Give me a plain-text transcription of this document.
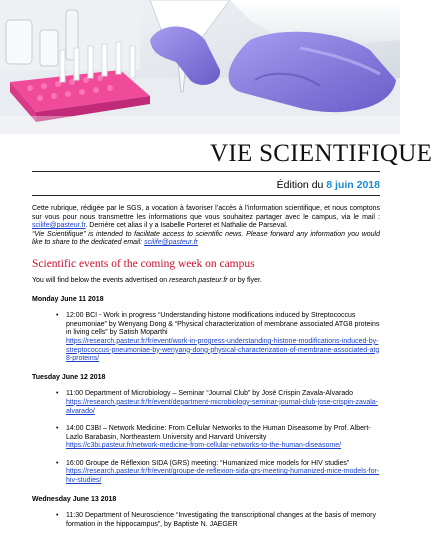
VIE SCIENTIFIQUE
Édition du 8 juin 2018

Cette rubrique, rédigée par le SGS, a vocation à favoriser l’accès à l’information scientifique, et nous comptons sur vous pour nous transmettre les informations que vous souhaitez partager avec le campus, via le mail : scilife@pasteur.fr. Derrière cet alias il y a Isabelle Porteret et Nathalie de Parseval.
“Vie Scientifique” is intended to facilitate access to scientific news. Please forward any information you would like to share to the dedicated email: scilife@pasteur.fr

Scientific events of the coming week on campus

You will find below the events advertised on research.pasteur.fr or by flyer.

Monday June 11 2018
• 12:00 BCI - Work in progress “Understanding histone modifications induced by Streptococcus pneumoniae” by Wenyang Dong & “Physical characterization of membrane associated ATG8 proteins in living cells” by Satish Moparthi
https://research.pasteur.fr/fr/event/work-in-progress-understanding-histone-modifications-induced-by-streptococcus-pneumoniae-by-wenyang-dong-physical-characterization-of-membrane-associated-atg8-proteins/
Tuesday June 12 2018
• 11:00 Department of Microbiology – Seminar “Journal Club” by José Crispin Zavala-Alvarado
https://research.pasteur.fr/fr/event/department-microbiology-seminar-journal-club-jose-crispin-zavala-alvarado/
• 14:00 C3BI – Network Medicine: From Cellular Networks to the Human Diseasome by Prof. Albert-Lazlo Barabasin, Northeastern University and Harvard University
https://c3bi.pasteur.fr/network-medicine-from-cellular-networks-to-the-human-diseasome/
• 16:00 Groupe de Réflexion SIDA (GRS) meeting: “Humanized mice models for HIV studies”
https://research.pasteur.fr/fr/event/groupe-de-reflexion-sida-grs-meeting-humanized-mice-models-for-hiv-studies/
Wednesday June 13 2018
• 11:30 Department of Neuroscience “Investigating the transcriptional changes at the basis of memory formation in the hippocampus”, by Baptiste N. JAEGER
